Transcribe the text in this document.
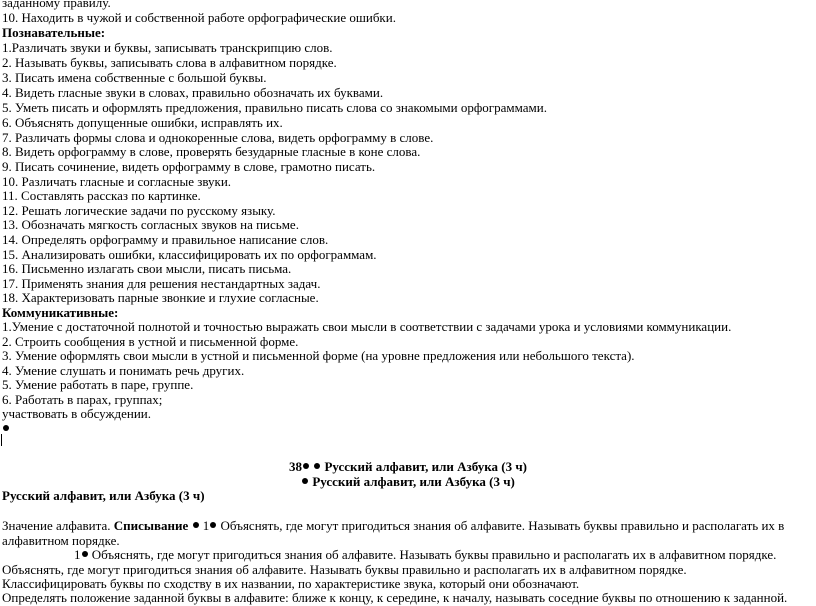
заданному правилу.
10. Находить в чужой и собственной работе орфографические ошибки.
Познавательные:
1.Различать звуки и буквы, записывать транскрипцию слов.
2. Называть буквы, записывать слова в алфавитном порядке.
3. Писать имена собственные с большой буквы.
4. Видеть гласные звуки в словах, правильно обозначать их буквами.
5. Уметь писать и оформлять предложения, правильно писать слова со знакомыми орфограммами.
6. Объяснять допущенные ошибки, исправлять их.
7. Различать формы слова и однокоренные слова, видеть орфограмму в слове.
8. Видеть орфограмму в слове, проверять безударные гласные в коне слова.
9. Писать сочинение, видеть орфограмму в слове, грамотно писать.
10. Различать гласные и согласные звуки.
11. Составлять рассказ по картинке.
12. Решать логические задачи по русскому языку.
13. Обозначать мягкость согласных звуков на письме.
14. Определять орфограмму и правильное написание слов.
15. Анализировать ошибки, классифицировать их по орфограммам.
16. Письменно излагать свои мысли, писать письма.
17. Применять знания для решения нестандартных задач.
18. Характеризовать парные звонкие и глухие согласные.
Коммуникативные:
1.Умение с достаточной полнотой и точностью выражать свои мысли в соответствии с задачами урока и условиями коммуникации.
2. Строить сообщения в устной и письменной форме.
3. Умение оформлять свои мысли в устной и письменной форме (на уровне предложения или небольшого текста).
4. Умение слушать и понимать речь других.
5. Умение работать в паре, группе.
6. Работать в парах, группах;
участвовать в обсуждении.
38 Русский алфавит, или Азбука (3 ч)
Русский алфавит, или Азбука (3 ч)
Русский алфавит, или Азбука (3 ч)
Значение алфавита. Списывание 1 Объяснять, где могут пригодиться знания об алфавите. Называть буквы правильно и располагать их в алфавитном порядке.
1 Объяснять, где могут пригодиться знания об алфавите. Называть буквы правильно и располагать их в алфавитном порядке.
Объяснять, где могут пригодиться знания об алфавите. Называть буквы правильно и располагать их в алфавитном порядке.
Классифицировать буквы по сходству в их названии, по характеристике звука, который они обозначают.
Определять положение заданной буквы в алфавите: ближе к концу, к середине, к началу, называть соседние буквы по отношению к заданной.
